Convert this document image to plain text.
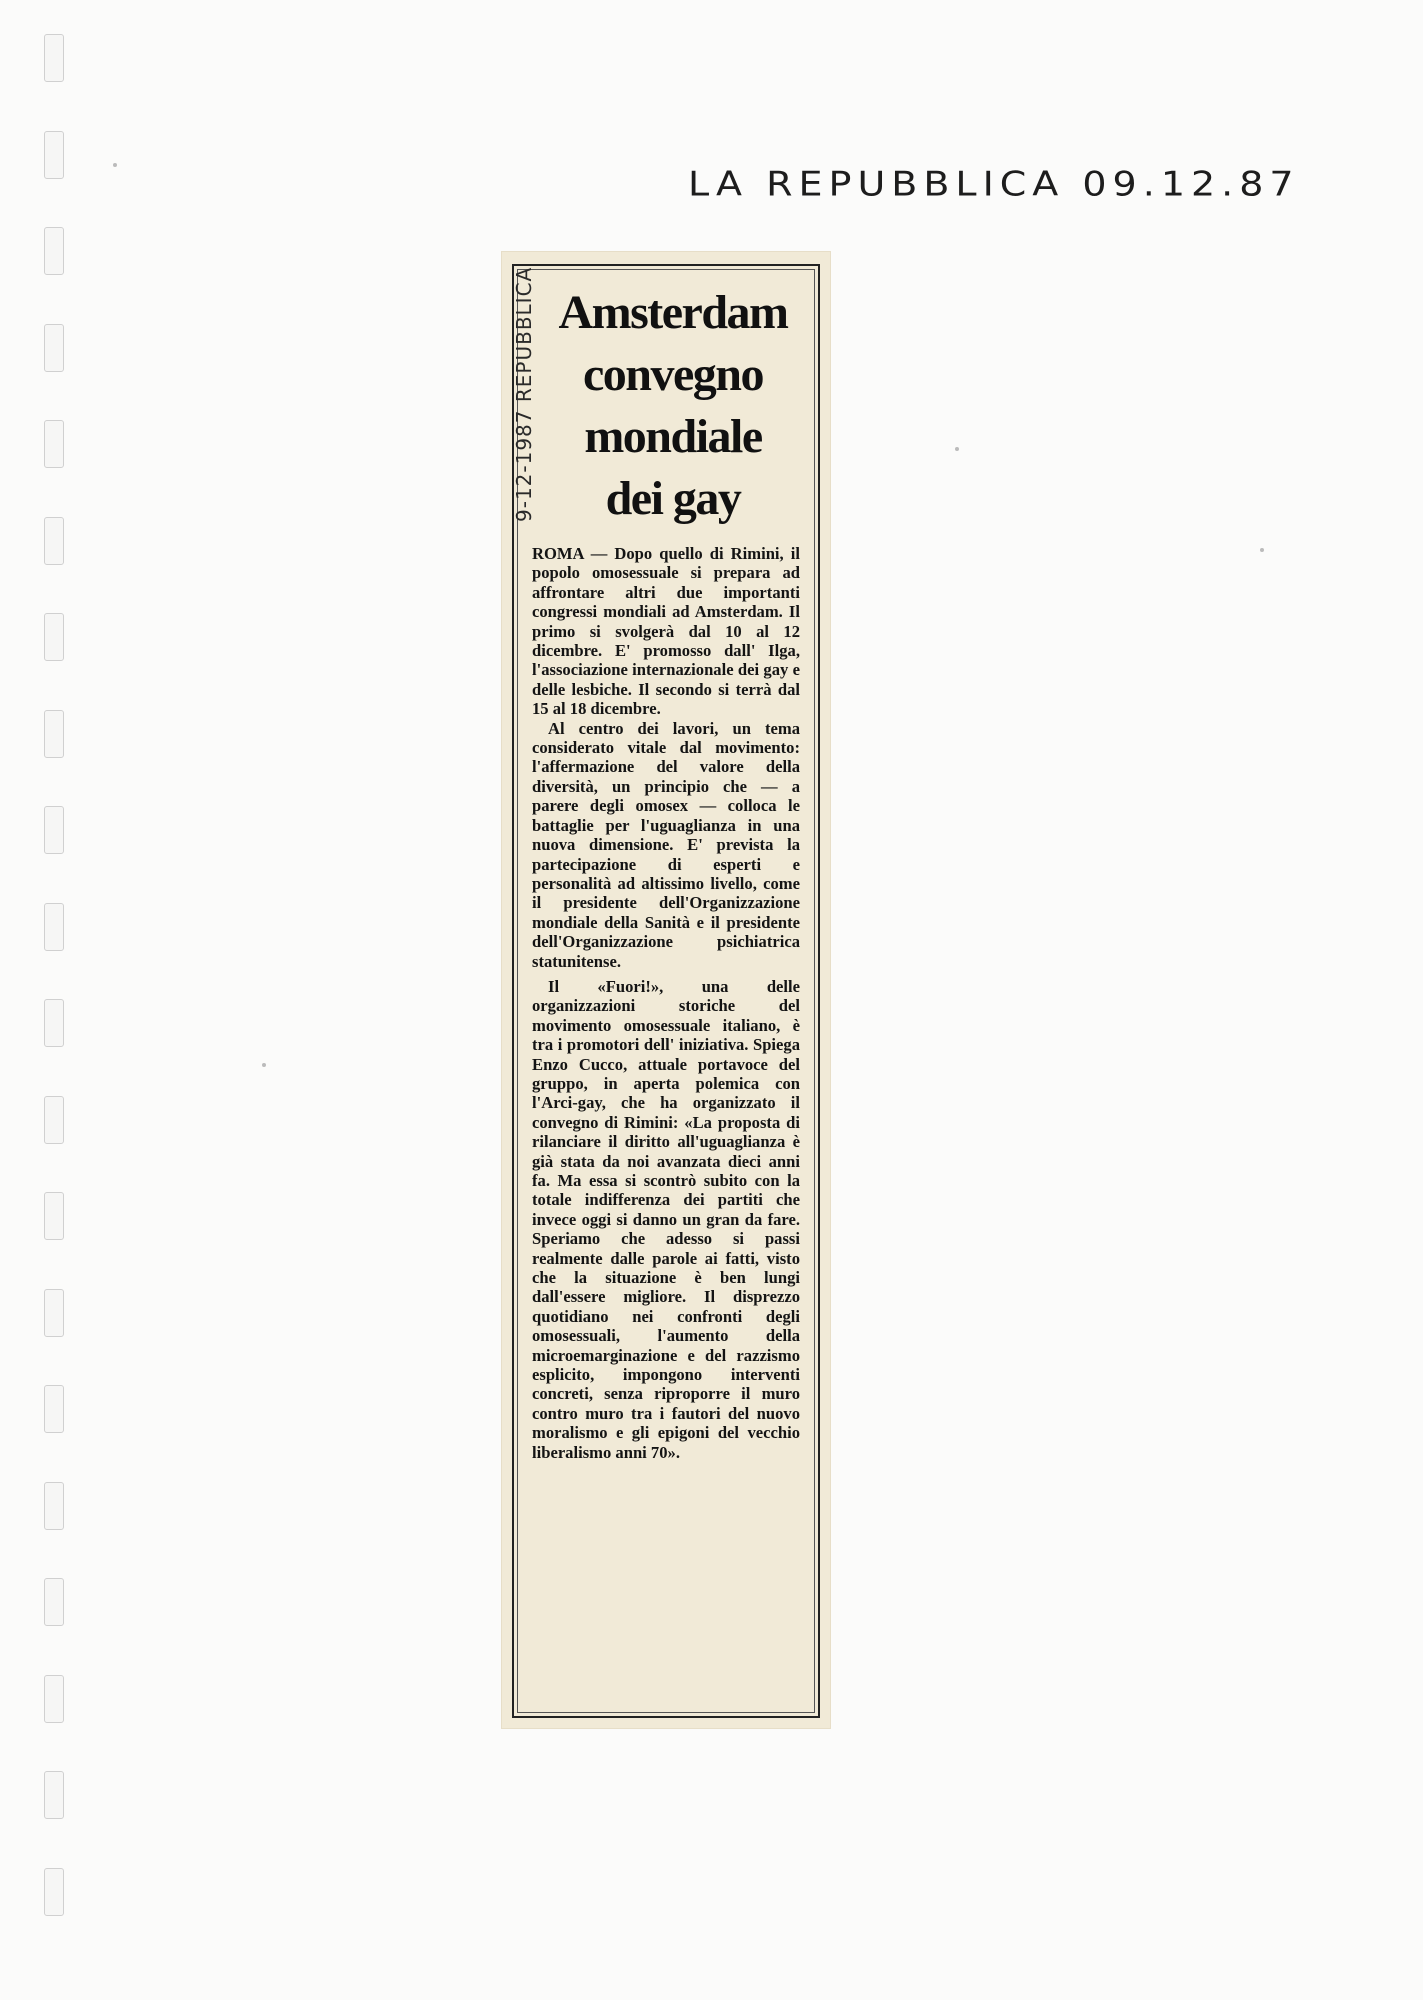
LA REPUBBLICA 09.12.87
9-12-1987 REPUBBLICA Amsterdam
convegno
mondiale
dei gay

ROMA — Dopo quello di Rimini, il popolo omosessuale si prepara ad affrontare altri due importanti congressi mondiali ad Amsterdam. Il primo si svolgerà dal 10 al 12 dicembre. E' promosso dall' Ilga, l'associazione internazionale dei gay e delle lesbiche. Il secondo si terrà dal 15 al 18 dicembre.

Al centro dei lavori, un tema considerato vitale dal movimento: l'affermazione del valore della diversità, un principio che — a parere degli omosex — colloca le battaglie per l'uguaglianza in una nuova dimensione. E' prevista la partecipazione di esperti e personalità ad altissimo livello, come il presidente dell'Organizzazione mondiale della Sanità e il presidente dell'Organizzazione psichiatrica statunitense.

Il «Fuori!», una delle organizzazioni storiche del movimento omosessuale italiano, è tra i promotori dell' iniziativa. Spiega Enzo Cucco, attuale portavoce del gruppo, in aperta polemica con l'Arci-gay, che ha organizzato il convegno di Rimini: «La proposta di rilanciare il diritto all'uguaglianza è già stata da noi avanzata dieci anni fa. Ma essa si scontrò subito con la totale indifferenza dei partiti che invece oggi si danno un gran da fare. Speriamo che adesso si passi realmente dalle parole ai fatti, visto che la situazione è ben lungi dall'essere migliore. Il disprezzo quotidiano nei confronti degli omosessuali, l'aumento della microemarginazione e del razzismo esplicito, impongono interventi concreti, senza riproporre il muro contro muro tra i fautori del nuovo moralismo e gli epigoni del vecchio liberalismo anni 70».
